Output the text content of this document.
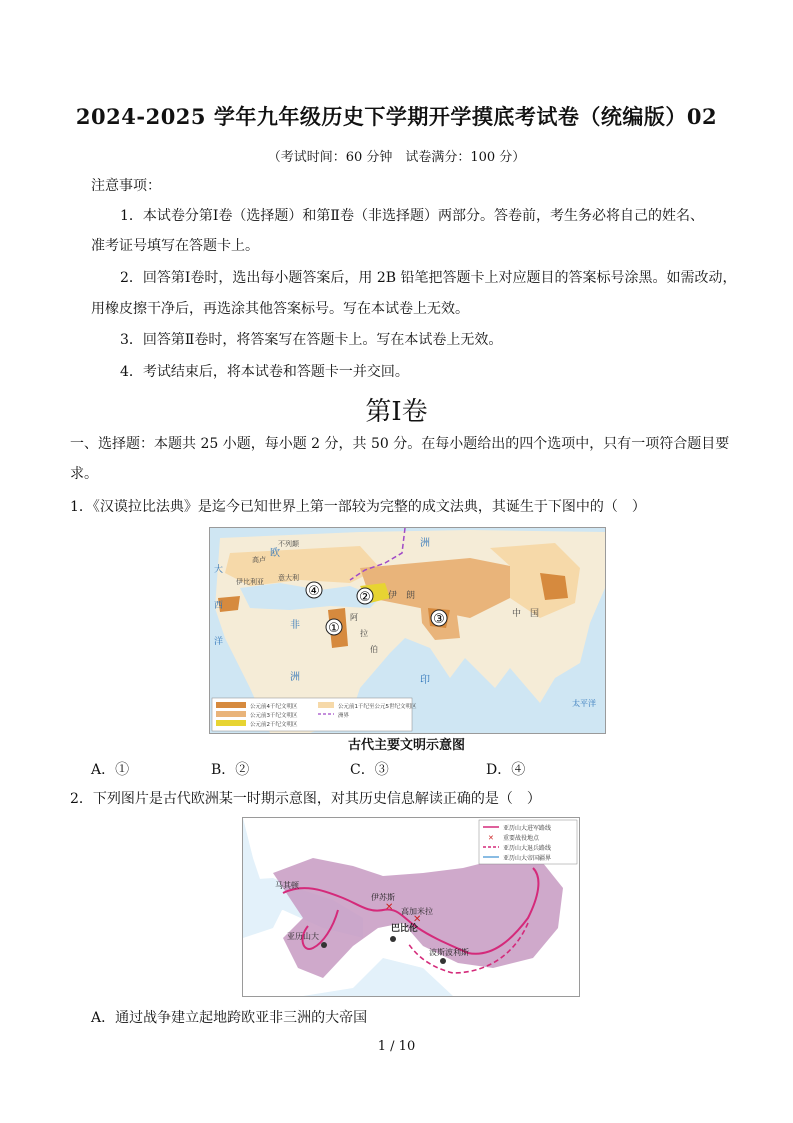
2024-2025 学年九年级历史下学期开学摸底考试卷（统编版）02
（考试时间：60 分钟　试卷满分：100 分）
注意事项：
1．本试卷分第Ⅰ卷（选择题）和第Ⅱ卷（非选择题）两部分。答卷前，考生务必将自己的姓名、
准考证号填写在答题卡上。
2．回答第Ⅰ卷时，选出每小题答案后，用 2B 铅笔把答题卡上对应题目的答案标号涂黑。如需改动，
用橡皮擦干净后，再选涂其他答案标号。写在本试卷上无效。
3．回答第Ⅱ卷时，将答案写在答题卡上。写在本试卷上无效。
4．考试结束后，将本试卷和答题卡一并交回。
第Ⅰ卷
一、选择题：本题共 25 小题，每小题 2 分，共 50 分。在每小题给出的四个选项中，只有一项符合题目要
求。
1．《汉谟拉比法典》是迄今已知世界上第一部较为完整的成文法典，其诞生于下图中的（　）
①
②
③
④
不列颠
高卢
伊比利亚 意大利
欧
洲
伊　朗
中　国
阿
拉
伯
非
洲	印
大
西
洋
太平洋
公元前4千纪文明区
公元前3千纪文明区
公元前2千纪文明区
公元前1千纪至公元5世纪文明区
洲界
古代主要文明示意图
A．①	B．②	C．③	D．④
2．下列图片是古代欧洲某一时期示意图，对其历史信息解读正确的是（　）
✕
✕
马其顿
伊苏斯
高加米拉
巴比伦
亚历山大
波斯波利斯
亚历山大进军路线
✕ 重要战役地点
亚历山大退兵路线
亚历山大帝国疆界
A．通过战争建立起地跨欧亚非三洲的大帝国
1 / 10
